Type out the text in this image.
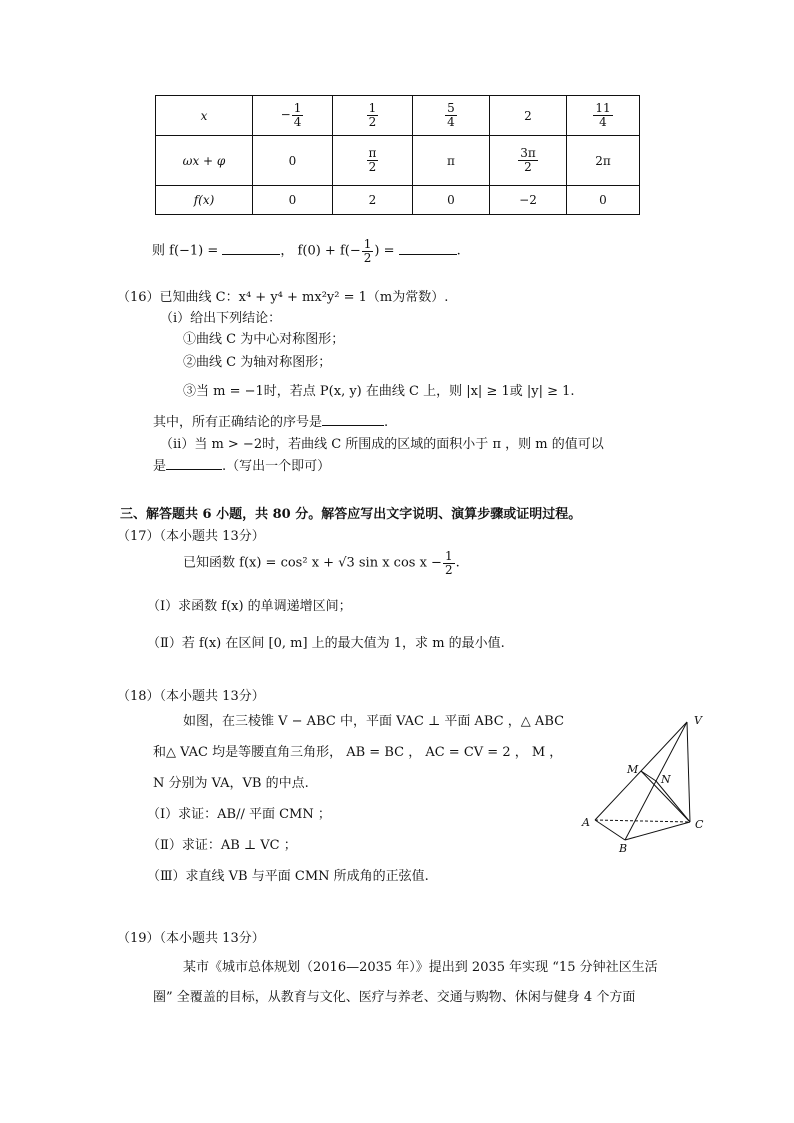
x	− $\frac{1}{4}$	$\frac{1}{2}$	$\frac{5}{4}$	2	$\frac{11}{4}$

ωx + φ	0	$\frac{\pi}{2}$	π	$\frac{3\pi}{2}$	2π
f(x)	0	2	0	−2	0
则 f(−1) =	， $f(0) + f(- \frac{1}{2}$ ) =	.
（16）已知曲线 C：x⁴ + y⁴ + mx²y² = 1（m为常数）.
（i）给出下列结论：
①曲线 C 为中心对称图形；
②曲线 C 为轴对称图形；
③当 m = −1时，若点 P(x, y) 在曲线 C 上，则 |x| ≥ 1或 |y| ≥ 1.
其中，所有正确结论的序号是	.
（ii）当 m > −2时，若曲线 C 所围成的区域的面积小于 π ，则 m 的值可以
是	.（写出一个即可）
三、解答题共 6 小题，共 80 分。解答应写出文字说明、演算步骤或证明过程。
（17）（本小题共 13分）
已知函数 f(x) = cos² x + √3 sin x $\cos x - \frac{1}{2}$ .
（Ⅰ）求函数 f(x) 的单调递增区间；
（Ⅱ）若 f(x) 在区间 [0, m] 上的最大值为 1，求 m 的最小值.
（18）（本小题共 13分）
如图，在三棱锥 V − ABC 中，平面 VAC ⊥ 平面 ABC ，△ ABC
和△ VAC 均是等腰直角三角形， AB = BC ， AC = CV = 2 ， M ，
N 分别为 VA，VB 的中点.
（Ⅰ）求证：AB// 平面 CMN ；
（Ⅱ）求证：AB ⊥ VC ；
（Ⅲ）求直线 VB 与平面 CMN 所成角的正弦值.
V
M
N
A
B
C
（19）（本小题共 13分）
某市《城市总体规划（2016—2035 年）》提出到 2035 年实现 “15 分钟社区生活
圈” 全覆盖的目标，从教育与文化、医疗与养老、交通与购物、休闲与健身 4 个方面
